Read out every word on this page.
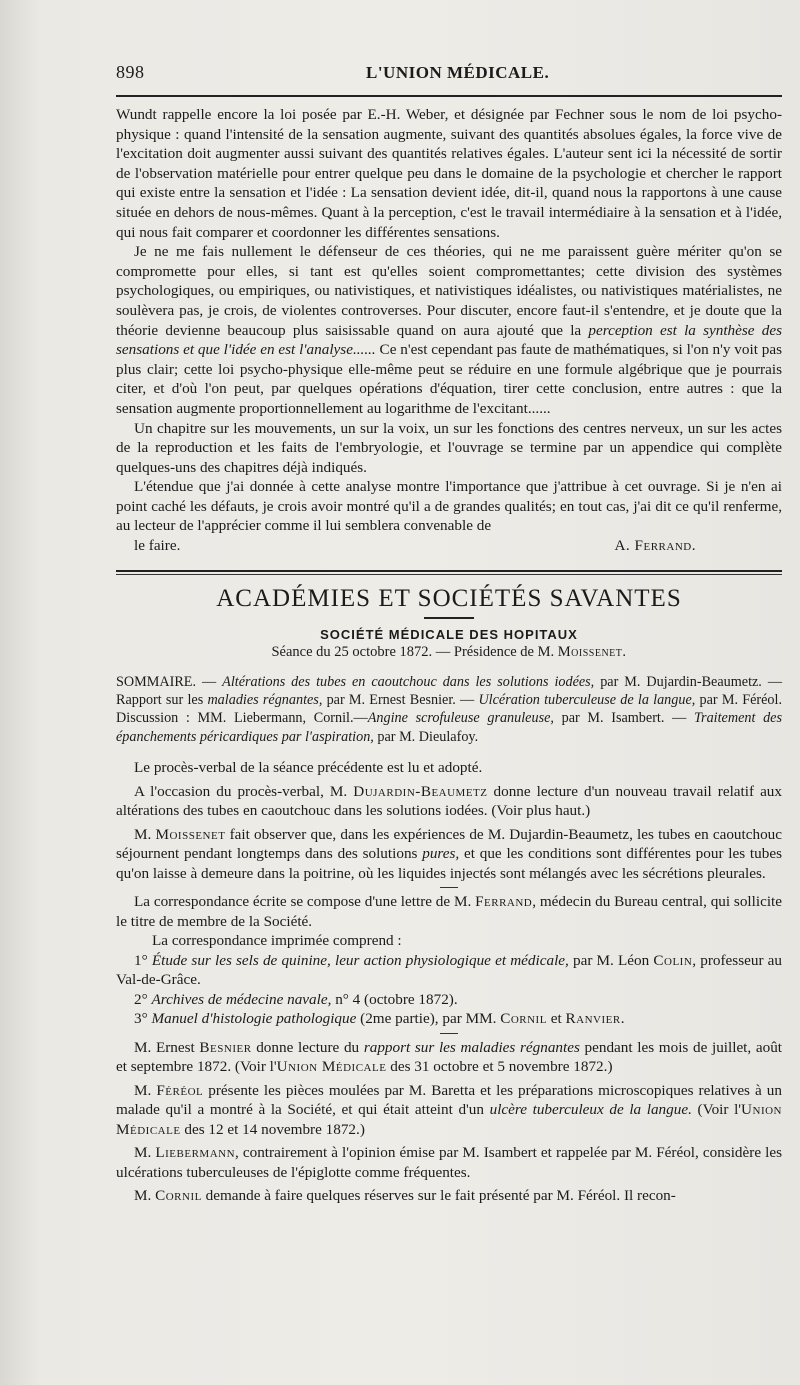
898	L'UNION MÉDICALE.

Wundt rappelle encore la loi posée par E.-H. Weber, et désignée par Fechner sous le nom de loi psycho-physique : quand l'intensité de la sensation augmente, suivant des quantités absolues égales, la force vive de l'excitation doit augmenter aussi suivant des quantités relatives égales. L'auteur sent ici la nécessité de sortir de l'observation matérielle pour entrer quelque peu dans le domaine de la psychologie et chercher le rapport qui existe entre la sensation et l'idée : La sensation devient idée, dit-il, quand nous la rapportons à une cause située en dehors de nous-mêmes. Quant à la perception, c'est le travail intermédiaire à la sensation et à l'idée, qui nous fait comparer et coordonner les différentes sensations.

Je ne me fais nullement le défenseur de ces théories, qui ne me paraissent guère mériter qu'on se compromette pour elles, si tant est qu'elles soient compromettantes; cette division des systèmes psychologiques, ou empiriques, ou nativistiques, et nativistiques idéalistes, ou nativistiques matérialistes, ne soulèvera pas, je crois, de violentes controverses. Pour discuter, encore faut-il s'entendre, et je doute que la théorie devienne beaucoup plus saisissable quand on aura ajouté que la perception est la synthèse des sensations et que l'idée en est l'analyse...... Ce n'est cependant pas faute de mathématiques, si l'on n'y voit pas plus clair; cette loi psycho-physique elle-même peut se réduire en une formule algébrique que je pourrais citer, et d'où l'on peut, par quelques opérations d'équation, tirer cette conclusion, entre autres : que la sensation augmente proportionnellement au logarithme de l'excitant......

Un chapitre sur les mouvements, un sur la voix, un sur les fonctions des centres nerveux, un sur les actes de la reproduction et les faits de l'embryologie, et l'ouvrage se termine par un appendice qui complète quelques-uns des chapitres déjà indiqués.

L'étendue que j'ai donnée à cette analyse montre l'importance que j'attribue à cet ouvrage. Si je n'en ai point caché les défauts, je crois avoir montré qu'il a de grandes qualités; en tout cas, j'ai dit ce qu'il renferme, au lecteur de l'apprécier comme il lui semblera convenable de

le faire.	A. Ferrand.

ACADÉMIES ET SOCIÉTÉS SAVANTES
SOCIÉTÉ MÉDICALE DES HOPITAUX
Séance du 25 octobre 1872. — Présidence de M. Moissenet.

SOMMAIRE. — Altérations des tubes en caoutchouc dans les solutions iodées, par M. Dujardin-Beaumetz. — Rapport sur les maladies régnantes, par M. Ernest Besnier. — Ulcération tuberculeuse de la langue, par M. Féréol. Discussion : MM. Liebermann, Cornil.—Angine scrofuleuse granuleuse, par M. Isambert. — Traitement des épanchements péricardiques par l'aspiration, par M. Dieulafoy.

Le procès-verbal de la séance précédente est lu et adopté.

A l'occasion du procès-verbal, M. Dujardin-Beaumetz donne lecture d'un nouveau travail relatif aux altérations des tubes en caoutchouc dans les solutions iodées. (Voir plus haut.)

M. Moissenet fait observer que, dans les expériences de M. Dujardin-Beaumetz, les tubes en caoutchouc séjournent pendant longtemps dans des solutions pures, et que les conditions sont différentes pour les tubes qu'on laisse à demeure dans la poitrine, où les liquides injectés sont mélangés avec les sécrétions pleurales.

La correspondance écrite se compose d'une lettre de M. Ferrand, médecin du Bureau central, qui sollicite le titre de membre de la Société.

La correspondance imprimée comprend :

1° Étude sur les sels de quinine, leur action physiologique et médicale, par M. Léon Colin, professeur au Val-de-Grâce.

2° Archives de médecine navale, n° 4 (octobre 1872).

3° Manuel d'histologie pathologique (2me partie), par MM. Cornil et Ranvier.

M. Ernest Besnier donne lecture du rapport sur les maladies régnantes pendant les mois de juillet, août et septembre 1872. (Voir l'Union Médicale des 31 octobre et 5 novembre 1872.)

M. Féréol présente les pièces moulées par M. Baretta et les préparations microscopiques relatives à un malade qu'il a montré à la Société, et qui était atteint d'un ulcère tuberculeux de la langue. (Voir l'Union Médicale des 12 et 14 novembre 1872.)

M. Liebermann, contrairement à l'opinion émise par M. Isambert et rappelée par M. Féréol, considère les ulcérations tuberculeuses de l'épiglotte comme fréquentes.

M. Cornil demande à faire quelques réserves sur le fait présenté par M. Féréol. Il recon-
